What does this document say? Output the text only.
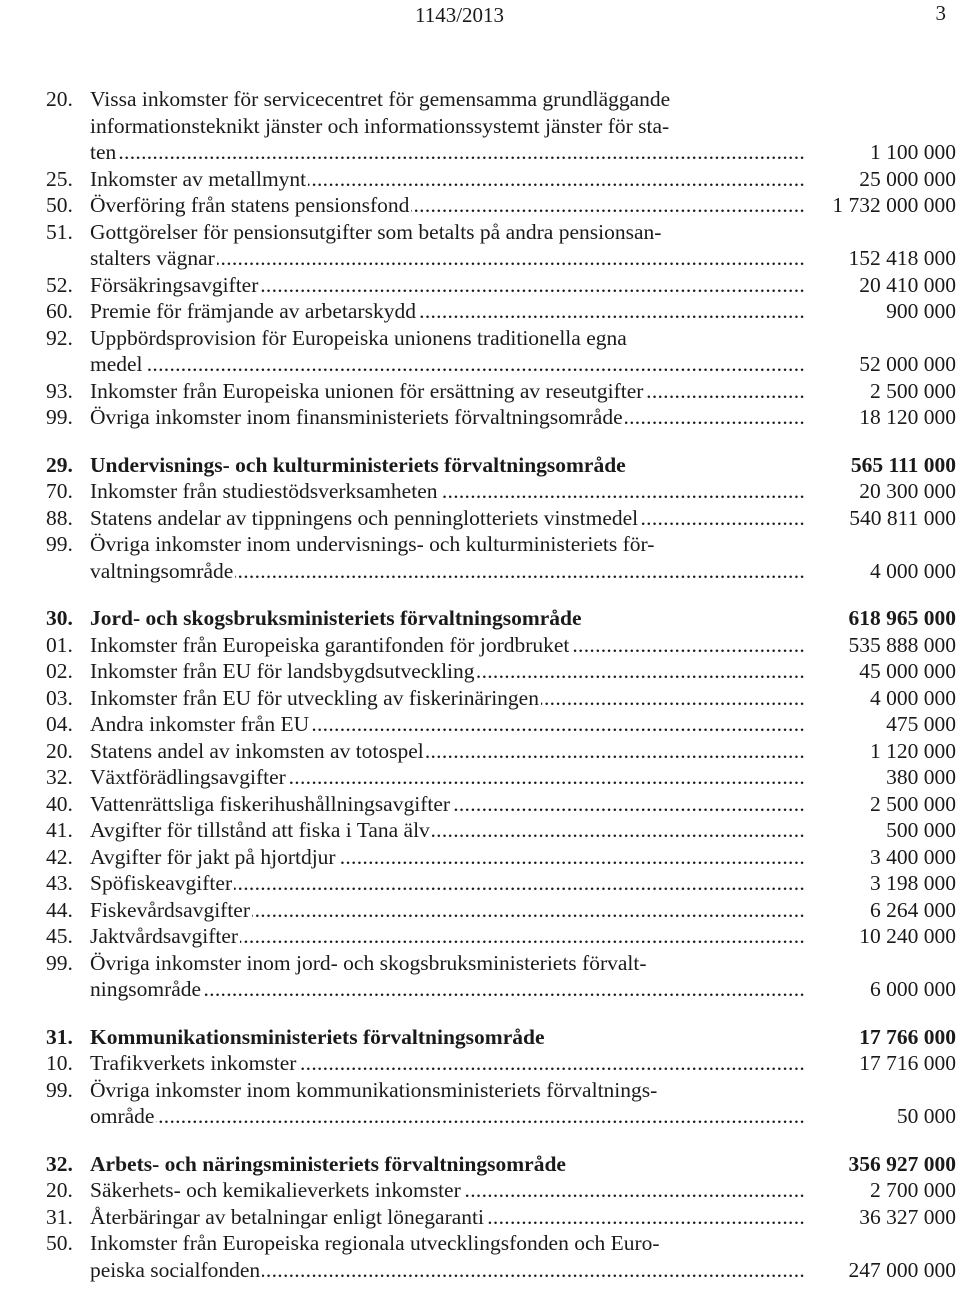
1143/2013	3
20. Vissa inkomster för servicecentret för gemensamma grundläggande
informationsteknikt jänster och informationssystemt jänster för sta-
ten .....	1 100 000
25. Inkomster av metallmynt .....	25 000 000
50. Överföring från statens pensionsfond .....	1 732 000 000
51. Gottgörelser för pensionsutgifter som betalts på andra pensionsan-
stalters vägnar .....	152 418 000
52. Försäkringsavgifter .....	20 410 000
60. Premie för främjande av arbetarskydd .....	900 000
92. Uppbördsprovision för Europeiska unionens traditionella egna
medel .....	52 000 000
93. Inkomster från Europeiska unionen för ersättning av reseutgifter .....	2 500 000
99. Övriga inkomster inom finansministeriets förvaltningsområde .....	18 120 000
29. Undervisnings- och kulturministeriets förvaltningsområde	565 111 000
70. Inkomster från studiestödsverksamheten .....	20 300 000
88. Statens andelar av tippningens och penninglotteriets vinstmedel .....	540 811 000
99. Övriga inkomster inom undervisnings- och kulturministeriets för-
valtningsområde .....	4 000 000
30. Jord- och skogsbruksministeriets förvaltningsområde	618 965 000
01. Inkomster från Europeiska garantifonden för jordbruket .....	535 888 000
02. Inkomster från EU för landsbygdsutveckling .....	45 000 000
03. Inkomster från EU för utveckling av fiskerinäringen .....	4 000 000
04. Andra inkomster från EU .....	475 000
20. Statens andel av inkomsten av totospel .....	1 120 000
32. Växtförädlingsavgifter .....	380 000
40. Vattenrättsliga fiskerihushållningsavgifter .....	2 500 000
41. Avgifter för tillstånd att fiska i Tana älv .....	500 000
42. Avgifter för jakt på hjortdjur .....	3 400 000
43. Spöfiskeavgifter .....	3 198 000
44. Fiskevårdsavgifter .....	6 264 000
45. Jaktvårdsavgifter .....	10 240 000
99. Övriga inkomster inom jord- och skogsbruksministeriets förvalt-
ningsområde .....	6 000 000
31. Kommunikationsministeriets förvaltningsområde	17 766 000
10. Trafikverkets inkomster .....	17 716 000
99. Övriga inkomster inom kommunikationsministeriets förvaltnings-
område .....	50 000
32. Arbets- och näringsministeriets förvaltningsområde	356 927 000
20. Säkerhets- och kemikalieverkets inkomster .....	2 700 000
31. Återbäringar av betalningar enligt lönegaranti .....	36 327 000
50. Inkomster från Europeiska regionala utvecklingsfonden och Euro-
peiska socialfonden .....	247 000 000
